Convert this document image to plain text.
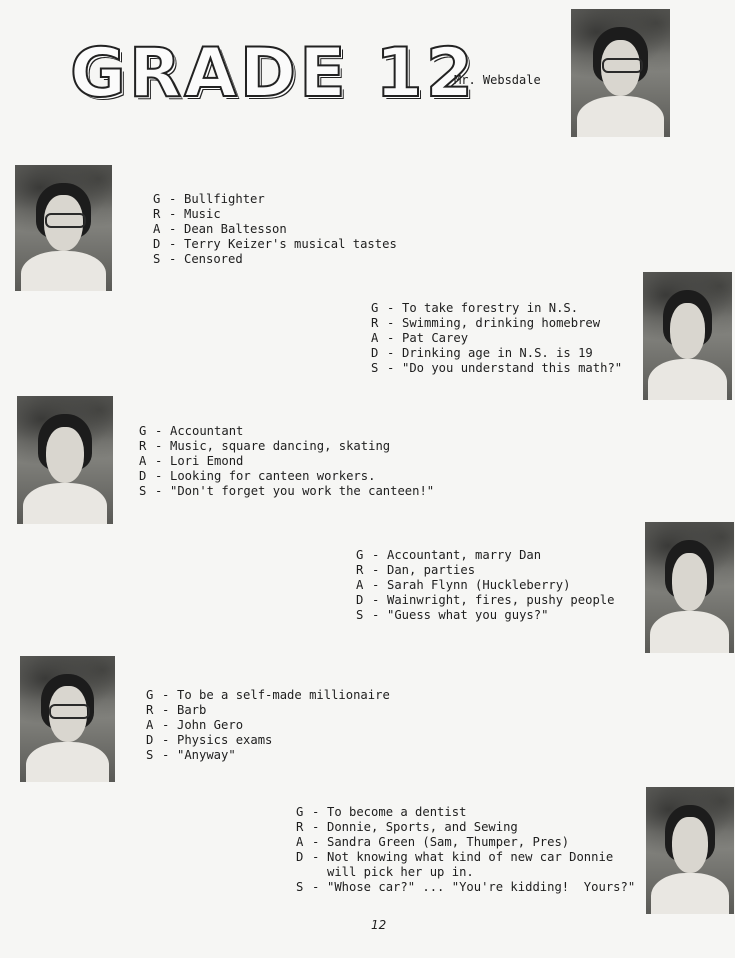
GRADE 12
Mr. Websdale
G - Bullfighter
R - Music
A - Dean Baltesson
D - Terry Keizer's musical tastes
S - Censored
G - To take forestry in N.S.
R - Swimming, drinking homebrew
A - Pat Carey
D - Drinking age in N.S. is 19
S - "Do you understand this math?"
G - Accountant
R - Music, square dancing, skating
A - Lori Emond
D - Looking for canteen workers.
S - "Don't forget you work the canteen!"
G - Accountant, marry Dan
R - Dan, parties
A - Sarah Flynn (Huckleberry)
D - Wainwright, fires, pushy people
S - "Guess what you guys?"
G - To be a self-made millionaire
R - Barb
A - John Gero
D - Physics exams
S - "Anyway"
G - To become a dentist
R - Donnie, Sports, and Sewing
A - Sandra Green (Sam, Thumper, Pres)
D - Not knowing what kind of new car Donnie
will pick her up in.
S - "Whose car?" ... "You're kidding!  Yours?"
12
